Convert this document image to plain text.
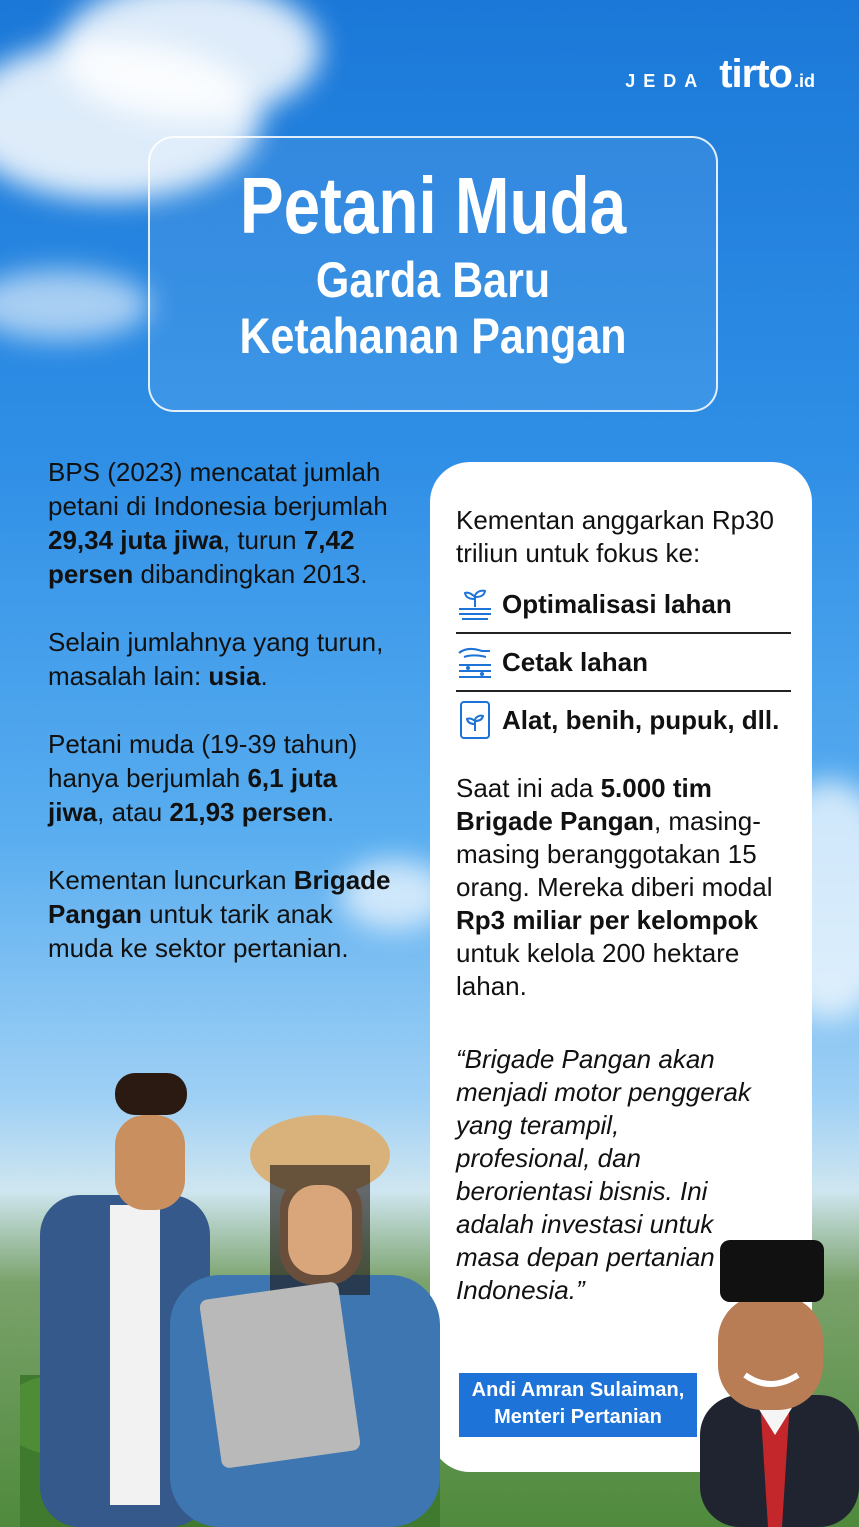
JEDA tirto .id
Petani Muda
Garda Baru
Ketahanan Pangan

BPS (2023) mencatat jumlah petani di Indonesia berjumlah 29,34 juta jiwa, turun 7,42 persen dibandingkan 2013.

Selain jumlahnya yang turun, masalah lain: usia.

Petani muda (19-39 tahun) hanya berjumlah 6,1 juta jiwa, atau 21,93 persen.

Kementan luncurkan Brigade Pangan untuk tarik anak muda ke sektor pertanian.

Kementan anggarkan Rp30 triliun untuk fokus ke:
Optimalisasi lahan
Cetak lahan
Alat, benih, pupuk, dll.
Saat ini ada 5.000 tim Brigade Pangan, masing-masing beranggotakan 15 orang. Mereka diberi modal Rp3 miliar per kelompok untuk kelola 200 hektare lahan.
“Brigade Pangan akan menjadi motor penggerak yang terampil, profesional, dan berorientasi bisnis. Ini adalah investasi untuk masa depan pertanian Indonesia.”
Andi Amran Sulaiman,
Menteri Pertanian
